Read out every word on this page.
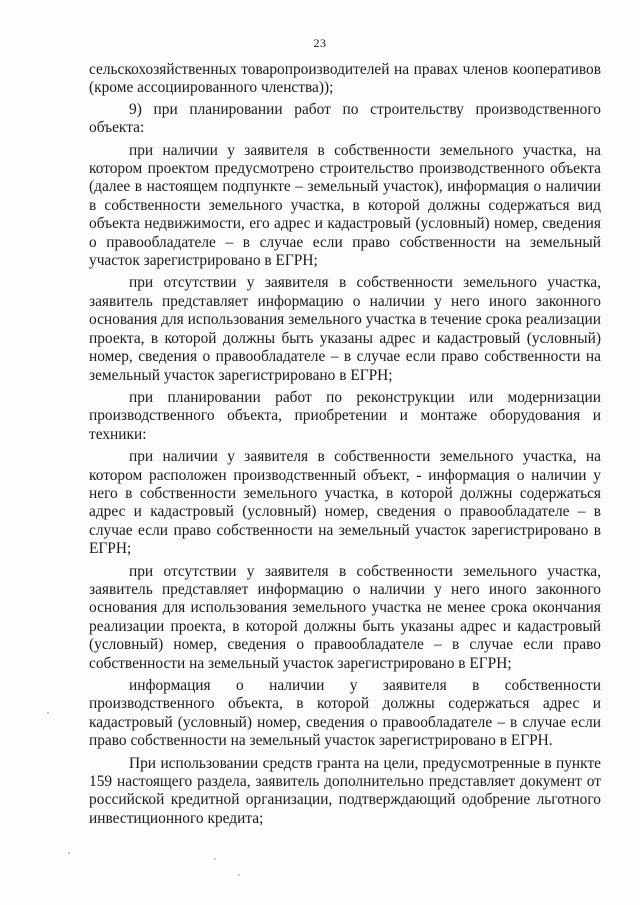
23

сельскохозяйственных товаропроизводителей на правах членов кооперативов (кроме ассоциированного членства));

9) при планировании работ по строительству производственного объекта:

при наличии у заявителя в собственности земельного участка, на котором проектом предусмотрено строительство производственного объекта (далее в настоящем подпункте – земельный участок), информация о наличии в собственности земельного участка, в которой должны содержаться вид объекта недвижимости, его адрес и кадастровый (условный) номер, сведения о правообладателе – в случае если право собственности на земельный участок зарегистрировано в ЕГРН;

при отсутствии у заявителя в собственности земельного участка, заявитель представляет информацию о наличии у него иного законного основания для использования земельного участка в течение срока реализации проекта, в которой должны быть указаны адрес и кадастровый (условный) номер, сведения о правообладателе – в случае если право собственности на земельный участок зарегистрировано в ЕГРН;

при планировании работ по реконструкции или модернизации производственного объекта, приобретении и монтаже оборудования и техники:

при наличии у заявителя в собственности земельного участка, на котором расположен производственный объект, - информация о наличии у него в собственности земельного участка, в которой должны содержаться адрес и кадастровый (условный) номер, сведения о правообладателе – в случае если право собственности на земельный участок зарегистрировано в ЕГРН;

при отсутствии у заявителя в собственности земельного участка, заявитель представляет информацию о наличии у него иного законного основания для использования земельного участка не менее срока окончания реализации проекта, в которой должны быть указаны адрес и кадастровый (условный) номер, сведения о правообладателе – в случае если право собственности на земельный участок зарегистрировано в ЕГРН;

информация о наличии у заявителя в собственности производственного объекта, в которой должны содержаться адрес и кадастровый (условный) номер, сведения о правообладателе – в случае если право собственности на земельный участок зарегистрировано в ЕГРН.

При использовании средств гранта на цели, предусмотренные в пункте 159 настоящего раздела, заявитель дополнительно представляет документ от российской кредитной организации, подтверждающий одобрение льготного инвестиционного кредита;
